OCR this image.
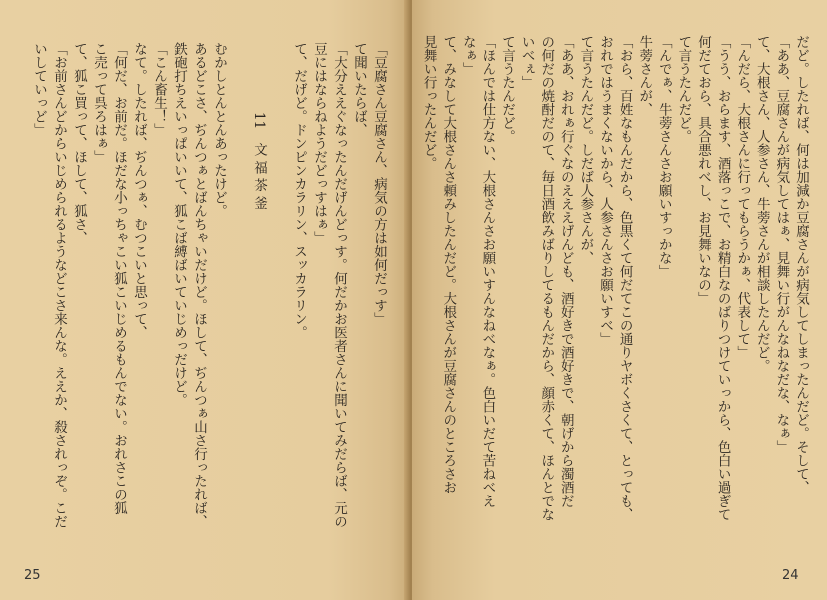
「豆腐さん豆腐さん、病気の方は如何だっす」
て聞いたらば、
「大分ええぐなったんだげんどっす。何だかお医者さんに聞いてみだらば、元の
豆にはならねようだどっすはぁ」
て、だげど。ドンピンカラリン、スッカラリン。
11　文 福 茶 釜
むかしとんとんあったけど。
あるどこさ、ぢんつぁとばんちゃいだけど。ほして、ぢんつぁ山さ行ったれば、
鉄砲打ちえいっぱいいて、狐こば縛ばいていじめっだけど。
「こん畜生！」
なて。したれば、ぢんつぁ、むつこいと思って、
「何だ、お前だ。ほだな小っちゃこい狐こいじめるもんでない。おれさこの狐
こ売って呉ろはぁ」
て、狐こ買って、ほして、狐さ、
「お前さんどからいじめられるようなどこさ来んな。ええか、殺されっぞ。こだ
いしていっど」
25
だど。したれば、何は加減か豆腐さんが病気してしまったんだど。そして、
「ああ、豆腐さんが病気してはぁ、見舞い行がんなねなだな、なぁ」
て、大根さん、人参さん、牛蒡さんが相談したんだど。
「んだら、大根さんに行ってもらうかぁ、代表して」
「うう、おらます、酒落っこで、お精白なのばりつけていっから、色白い過ぎて
何だておら、具合悪れべし、お見舞いなの」
て言うたんだど。
「んでぁ、牛蒡さんさお願いすっかな」
牛蒡さんが、
「おら、百姓なもんだから、色黒くて何だてこの通りヤボくさくて、とっても、
おれではうまくないから、人参さんさお願いすべ」
て言うたんだど。しだば人参さんが、
「ああ、おれぁ行ぐなのえええげんども、酒好きで酒好きで、朝げから濁酒だ
の何だの焼酎だのて、毎日酒飲みばりしてるもんだから、顔赤くて、ほんとでな
いべぇ」
て言うたんだど。
「ほんでは仕方ない、大根さんさお願いすんなねべなぁ。色白いだて苦ねべえ
なぁ」
て、みなして大根さんさ頼みしたんだど。大根さんが豆腐さんのところさお
見舞い行ったんだど。
24
